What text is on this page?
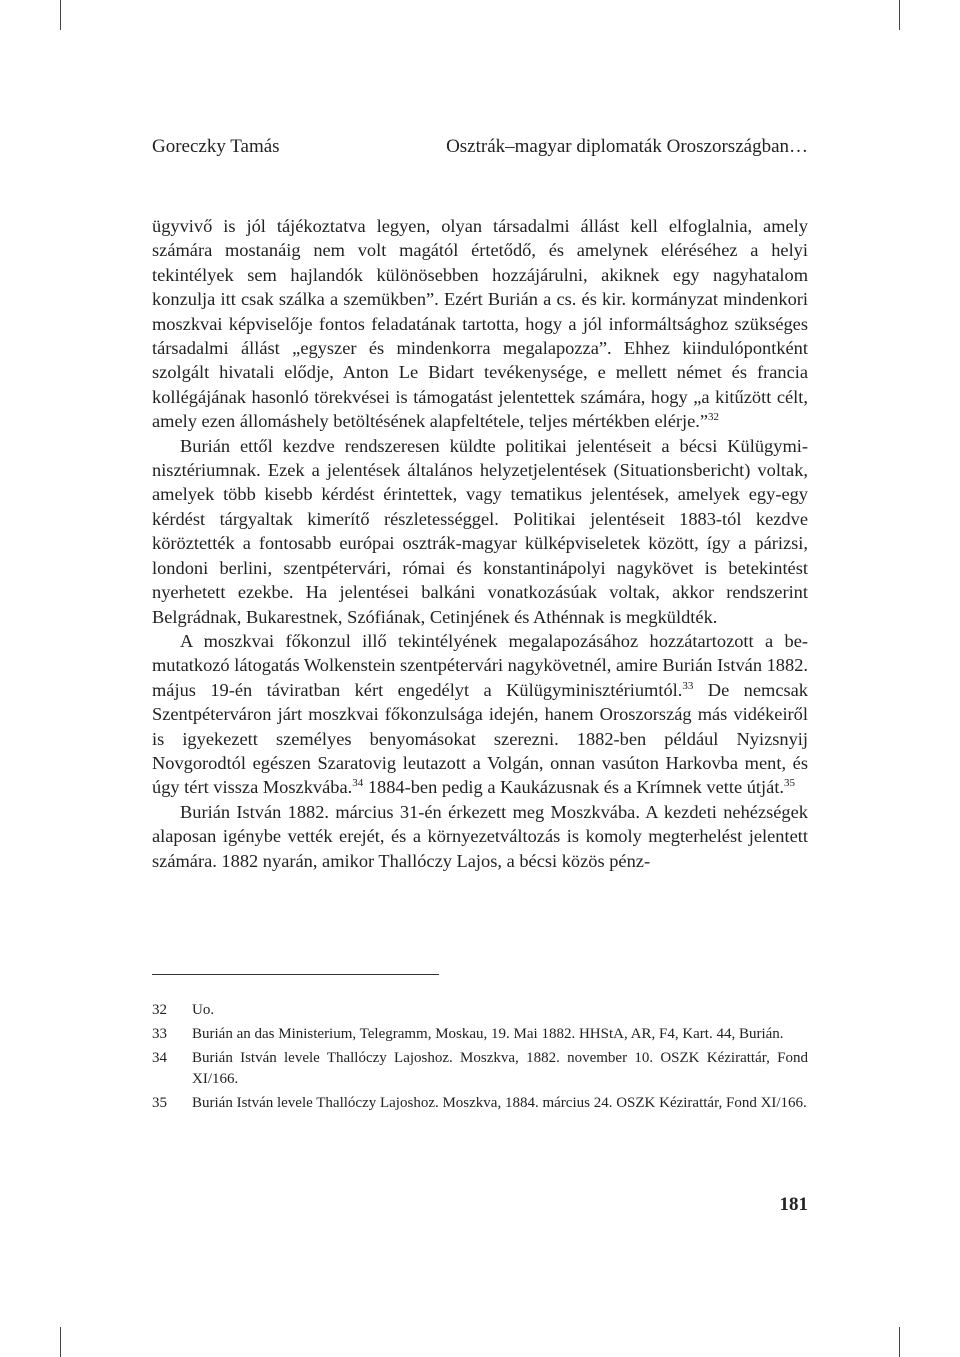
Goreczky Tamás	Osztrák–magyar diplomaták Oroszországban…

ügyvivő is jól tájékoztatva legyen, olyan társadalmi állást kell elfoglalnia, amely számára mostanáig nem volt magától értetődő, és amelynek eléréséhez a helyi tekintélyek sem hajlandók különösebben hozzájárulni, akiknek egy nagyhatalom konzulja itt csak szálka a szemükben”. Ezért Burián a cs. és kir. kormányzat mindenkori moszkvai képviselője fontos feladatának tartotta, hogy a jól informáltsághoz szükséges társadalmi állást „egyszer és mindenkorra megalapozza”. Ehhez kiindulópontként szolgált hivatali elődje, Anton Le Bidart tevékenysége, e mellett német és francia kollégájának hasonló törekvései is támogatást jelentettek számára, hogy „a kitűzött célt, amely ezen állomáshely betöltésének alapfeltétele, teljes mértékben elérje.”$^{32}$

Burián ettől kezdve rendszeresen küldte politikai jelentéseit a bécsi Külügyminisztériumnak. Ezek a jelentések általános helyzetjelentések (Situationsbericht) voltak, amelyek több kisebb kérdést érintettek, vagy tematikus jelentések, amelyek egy-egy kérdést tárgyaltak kimerítő részletességgel. Politikai jelentéseit 1883-tól kezdve köröztették a fontosabb európai osztrák-magyar külképviseletek között, így a párizsi, londoni berlini, szentpétervári, római és konstantinápolyi nagykövet is betekintést nyerhetett ezekbe. Ha jelentései balkáni vonatkozásúak voltak, akkor rendszerint Belgrádnak, Bukarestnek, Szófiának, Cetinjének és Athénnak is megküldték.

A moszkvai főkonzul illő tekintélyének megalapozásához hozzátartozott a bemutatkozó látogatás Wolkenstein szentpétervári nagykövetnél, amire Burián István 1882. május 19-én táviratban kért engedélyt a Külügyminisztériumtól.$^{33}$ De nemcsak Szentpéterváron járt moszkvai főkonzulsága idején, hanem Oroszország más vidékeiről is igyekezett személyes benyomásokat szerezni. 1882-ben például Nyizsnyij Novgorodtól egészen Szaratovig leutazott a Volgán, onnan vasúton Harkovba ment, és úgy tért vissza Moszkvába.$^{34}$ 1884-ben pedig a Kaukázusnak és a Krímnek vette útját.$^{35}$

Burián István 1882. március 31-én érkezett meg Moszkvába. A kezdeti nehézségek alaposan igénybe vették erejét, és a környezetváltozás is komoly megterhelést jelentett számára. 1882 nyarán, amikor Thallóczy Lajos, a bécsi közös pénz-

32 Uo.
33 Burián an das Ministerium, Telegramm, Moskau, 19. Mai 1882. HHStA, AR, F4, Kart. 44, Burián.
34 Burián István levele Thallóczy Lajoshoz. Moszkva, 1882. november 10. OSZK Kézirattár, Fond XI/166.
35 Burián István levele Thallóczy Lajoshoz. Moszkva, 1884. március 24. OSZK Kézirattár, Fond XI/166.
181
